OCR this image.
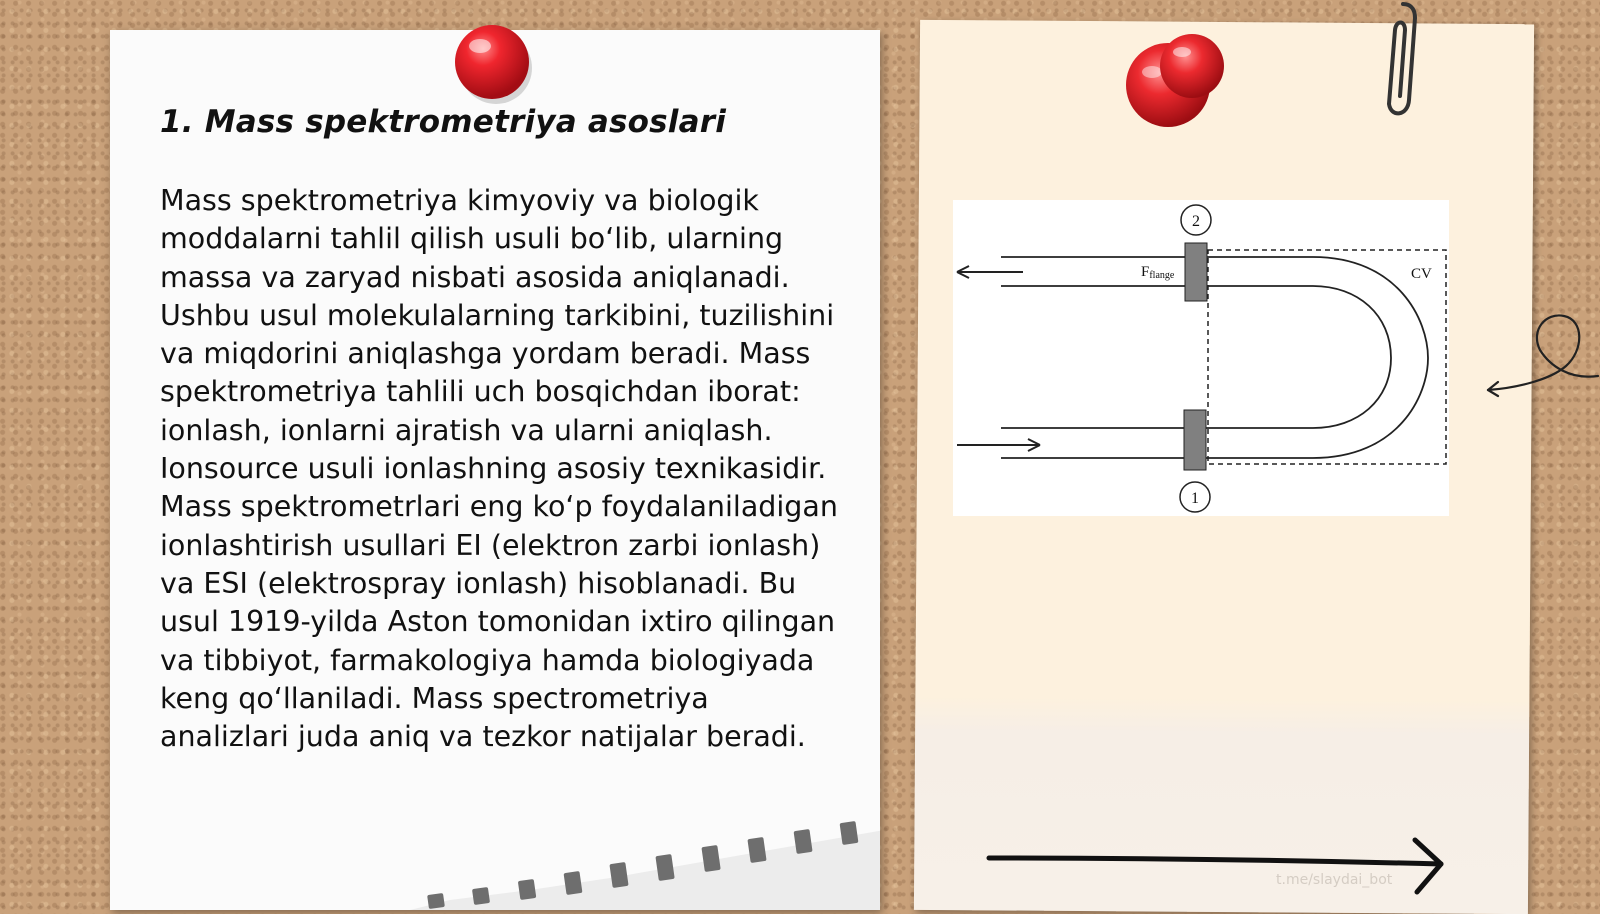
1. Mass spektrometriya asoslari

Mass spektrometriya kimyoviy va biologik moddalarni tahlil qilish usuli bo‘lib, ularning massa va zaryad nisbati asosida aniqlanadi. Ushbu usul molekulalarning tarkibini, tuzilishini va miqdorini aniqlashga yordam beradi. Mass spektrometriya tahlili uch bosqichdan iborat: ionlash, ionlarni ajratish va ularni aniqlash. Ionsource usuli ionlashning asosiy texnikasidir. Mass spektrometrlari eng ko‘p foydalaniladigan ionlashtirish usullari EI (elektron zarbi ionlash) va ESI (elektrospray ionlash) hisoblanadi. Bu usul 1919-yilda Aston tomonidan ixtiro qilingan va tibbiyot, farmakologiya hamda biologiyada keng qo‘llaniladi. Mass spectrometriya analizlari juda aniq va tezkor natijalar beradi.

2
1
Fflange	CV
t.me/slaydai_bot
